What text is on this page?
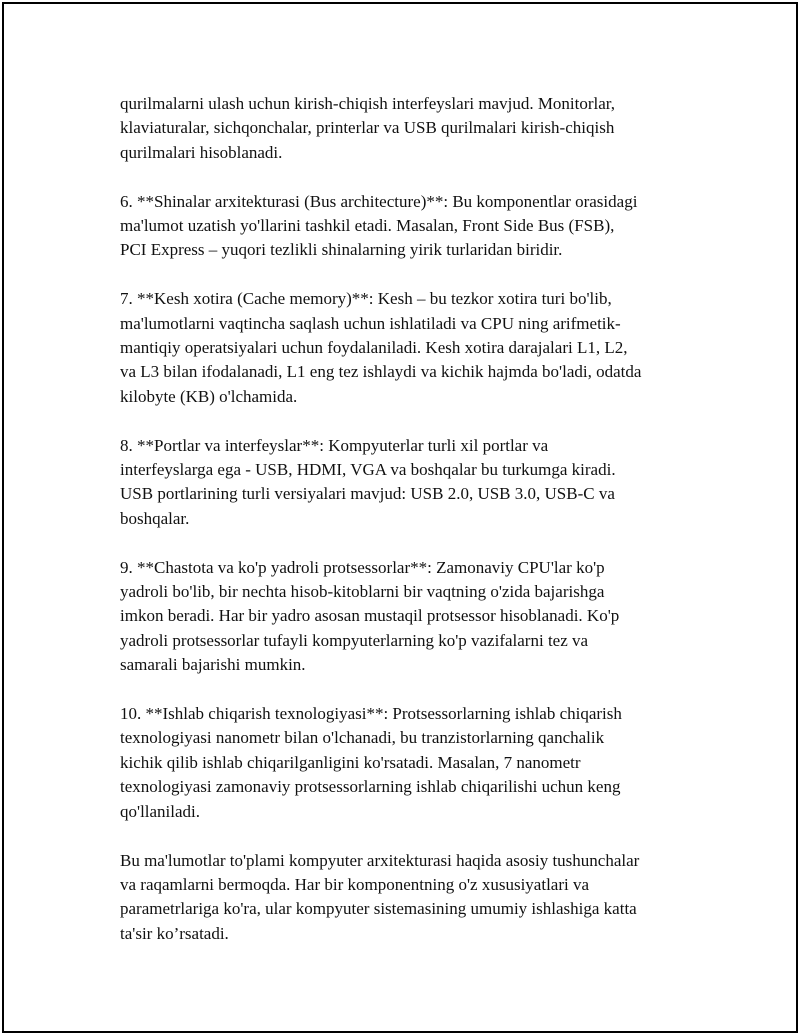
qurilmalarni ulash uchun kirish-chiqish interfeyslari mavjud. Monitorlar,
klaviaturalar, sichqonchalar, printerlar va USB qurilmalari kirish-chiqish
qurilmalari hisoblanadi.
6. **Shinalar arxitekturasi (Bus architecture)**: Bu komponentlar orasidagi
ma'lumot uzatish yo'llarini tashkil etadi. Masalan, Front Side Bus (FSB),
PCI Express – yuqori tezlikli shinalarning yirik turlaridan biridir.
7. **Kesh xotira (Cache memory)**: Kesh – bu tezkor xotira turi bo'lib,
ma'lumotlarni vaqtincha saqlash uchun ishlatiladi va CPU ning arifmetik-
mantiqiy operatsiyalari uchun foydalaniladi. Kesh xotira darajalari L1, L2,
va L3 bilan ifodalanadi, L1 eng tez ishlaydi va kichik hajmda bo'ladi, odatda
kilobyte (KB) o'lchamida.
8. **Portlar va interfeyslar**: Kompyuterlar turli xil portlar va
interfeyslarga ega - USB, HDMI, VGA va boshqalar bu turkumga kiradi.
USB portlarining turli versiyalari mavjud: USB 2.0, USB 3.0, USB-C va
boshqalar.
9. **Chastota va ko'p yadroli protsessorlar**: Zamonaviy CPU'lar ko'p
yadroli bo'lib, bir nechta hisob-kitoblarni bir vaqtning o'zida bajarishga
imkon beradi. Har bir yadro asosan mustaqil protsessor hisoblanadi. Ko'p
yadroli protsessorlar tufayli kompyuterlarning ko'p vazifalarni tez va
samarali bajarishi mumkin.
10. **Ishlab chiqarish texnologiyasi**: Protsessorlarning ishlab chiqarish
texnologiyasi nanometr bilan o'lchanadi, bu tranzistorlarning qanchalik
kichik qilib ishlab chiqarilganligini ko'rsatadi. Masalan, 7 nanometr
texnologiyasi zamonaviy protsessorlarning ishlab chiqarilishi uchun keng
qo'llaniladi.
Bu ma'lumotlar to'plami kompyuter arxitekturasi haqida asosiy tushunchalar
va raqamlarni bermoqda. Har bir komponentning o'z xususiyatlari va
parametrlariga ko'ra, ular kompyuter sistemasining umumiy ishlashiga katta
ta'sir ko’rsatadi.
